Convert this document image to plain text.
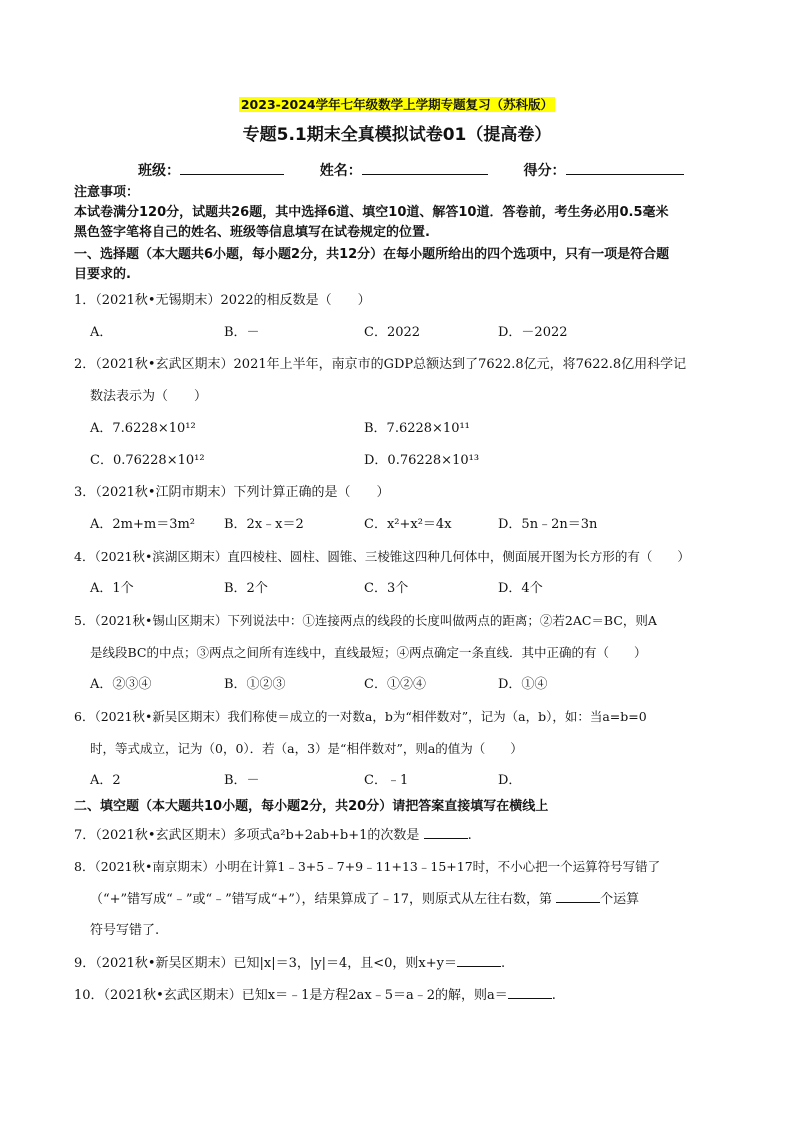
2023-2024学年七年级数学上学期专题复习（苏科版）
专题5.1期末全真模拟试卷01（提高卷）
班级：	姓名：	得分：
注意事项：
本试卷满分120分，试题共26题，其中选择6道、填空10道、解答10道．答卷前，考生务必用0.5毫米
黑色签字笔将自己的姓名、班级等信息填写在试卷规定的位置.
一、选择题（本大题共6小题，每小题2分，共12分）在每小题所给出的四个选项中，只有一项是符合题
目要求的.
1．（2021秋•无锡期末）2022的相反数是（　　）
A．	B．－	C．2022	D．－2022
2．（2021秋•玄武区期末）2021年上半年，南京市的GDP总额达到了7622.8亿元，将7622.8亿用科学记
数法表示为（　　）
A．7.6228×10¹²	B．7.6228×10¹¹
C．0.76228×10¹²	D．0.76228×10¹³
3．（2021秋•江阴市期末）下列计算正确的是（　　）
A．2m+m＝3m² B．2x﹣x＝2	C．x²+x²＝4x	D．5n﹣2n＝3n
4．（2021秋•滨湖区期末）直四棱柱、圆柱、圆锥、三棱锥这四种几何体中，侧面展开图为长方形的有（　　）
A．1个	B．2个	C．3个	D．4个
5．（2021秋•锡山区期末）下列说法中：①连接两点的线段的长度叫做两点的距离；②若2AC＝BC，则A
是线段BC的中点；③两点之间所有连线中，直线最短；④两点确定一条直线．其中正确的有（　　）
A．②③④	B．①②③	C．①②④	D．①④
6．（2021秋•新吴区期末）我们称使＝成立的一对数a，b为“相伴数对”，记为（a，b），如：当a=b=0
时，等式成立，记为（0，0）．若（a，3）是“相伴数对”，则a的值为（　　）
A．2	B．－	C．﹣1	D．
二、填空题（本大题共10小题，每小题2分，共20分）请把答案直接填写在横线上
7．（2021秋•玄武区期末）多项式a²b+2ab+b+1的次数是	.
8．（2021秋•南京期末）小明在计算1﹣3+5﹣7+9﹣11+13﹣15+17时，不小心把一个运算符号写错了
（“+”错写成“﹣”或“﹣”错写成“+”），结果算成了﹣17，则原式从左往右数，第	个运算
符号写错了.
9．（2021秋•新吴区期末）已知|x|＝3，|y|＝4，且<0，则x+y＝	.
10．（2021秋•玄武区期末）已知x＝﹣1是方程2ax﹣5＝a﹣2的解，则a＝	.
